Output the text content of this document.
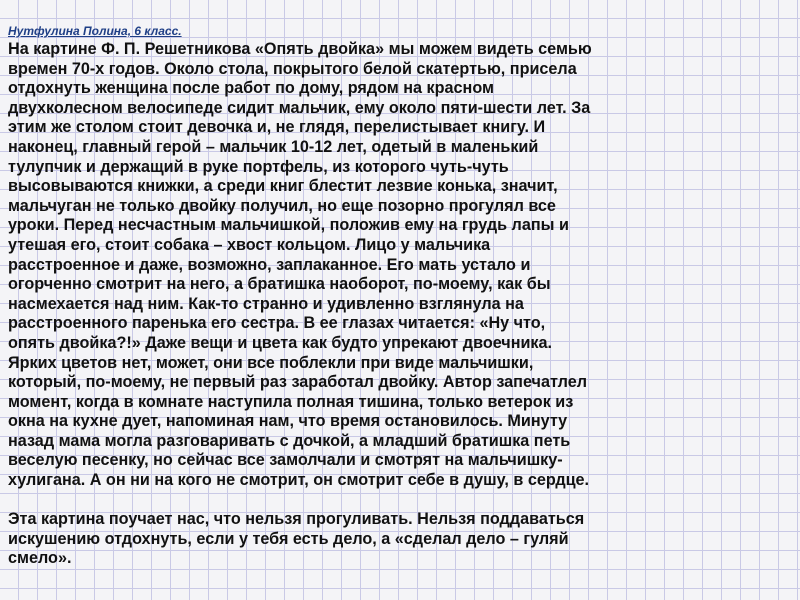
Нутфулина Полина, 6 класс.

На картине Ф. П. Решетникова «Опять двойка» мы можем видеть семью
времен 70-х годов. Около стола, покрытого белой скатертью, присела
отдохнуть женщина после работ по дому, рядом на красном
двухколесном велосипеде сидит мальчик, ему около пяти-шести лет. За
этим же столом стоит девочка и, не глядя, перелистывает книгу. И
наконец, главный герой – мальчик 10-12 лет, одетый в маленький
тулупчик и держащий в руке портфель, из которого чуть-чуть
высовываются книжки, а среди книг блестит лезвие конька, значит,
мальчуган не только двойку получил, но еще позорно прогулял все
уроки. Перед несчастным мальчишкой, положив ему на грудь лапы и
утешая его, стоит собака – хвост кольцом. Лицо у мальчика
расстроенное и даже, возможно, заплаканное. Его мать устало и
огорченно смотрит на него, а братишка наоборот, по-моему, как бы
насмехается над ним. Как-то странно и удивленно взглянула на
расстроенного паренька его сестра. В ее глазах читается: «Ну что,
опять двойка?!» Даже вещи и цвета как будто упрекают двоечника.
Ярких цветов нет, может, они все поблекли при виде мальчишки,
который, по-моему, не первый раз заработал двойку. Автор запечатлел
момент, когда в комнате наступила полная тишина, только ветерок из
окна на кухне дует, напоминая нам, что время остановилось. Минуту
назад мама могла разговаривать с дочкой, а младший братишка петь
веселую песенку, но сейчас все замолчали и смотрят на мальчишку-
хулигана. А он ни на кого не смотрит, он смотрит себе в душу, в сердце.

Эта картина поучает нас, что нельзя прогуливать. Нельзя поддаваться
искушению отдохнуть, если у тебя есть дело, а «сделал дело – гуляй
смело».
